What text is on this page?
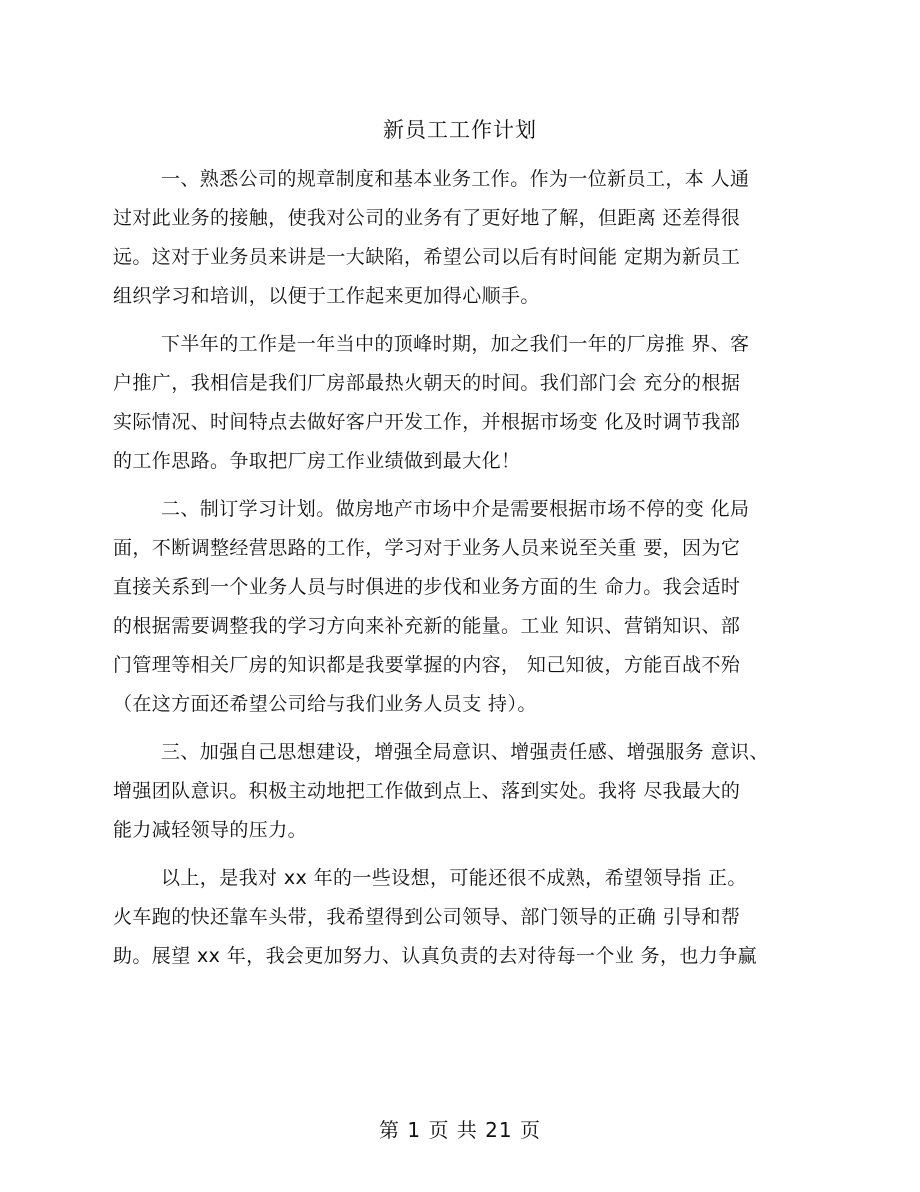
新员工工作计划
一、熟悉公司的规章制度和基本业务工作。作为一位新员工，本 人通
过对此业务的接触，使我对公司的业务有了更好地了解，但距离 还差得很
远。这对于业务员来讲是一大缺陷，希望公司以后有时间能 定期为新员工
组织学习和培训，以便于工作起来更加得心顺手。
下半年的工作是一年当中的顶峰时期，加之我们一年的厂房推 界、客
户推广，我相信是我们厂房部最热火朝天的时间。我们部门会 充分的根据
实际情况、时间特点去做好客户开发工作，并根据市场变 化及时调节我部
的工作思路。争取把厂房工作业绩做到最大化！
二、制订学习计划。做房地产市场中介是需要根据市场不停的变 化局
面，不断调整经营思路的工作，学习对于业务人员来说至关重 要，因为它
直接关系到一个业务人员与时俱进的步伐和业务方面的生 命力。我会适时
的根据需要调整我的学习方向来补充新的能量。工业 知识、营销知识、部
门管理等相关厂房的知识都是我要掌握的内容， 知己知彼，方能百战不殆
（在这方面还希望公司给与我们业务人员支 持）。
三、加强自己思想建设，增强全局意识、增强责任感、增强服务 意识、
增强团队意识。积极主动地把工作做到点上、落到实处。我将 尽我最大的
能力减轻领导的压力。
以上，是我对 xx 年的一些设想，可能还很不成熟，希望领导指 正。
火车跑的快还靠车头带，我希望得到公司领导、部门领导的正确 引导和帮
助。展望 xx 年，我会更加努力、认真负责的去对待每一个业 务，也力争赢
第 1 页 共 21 页
